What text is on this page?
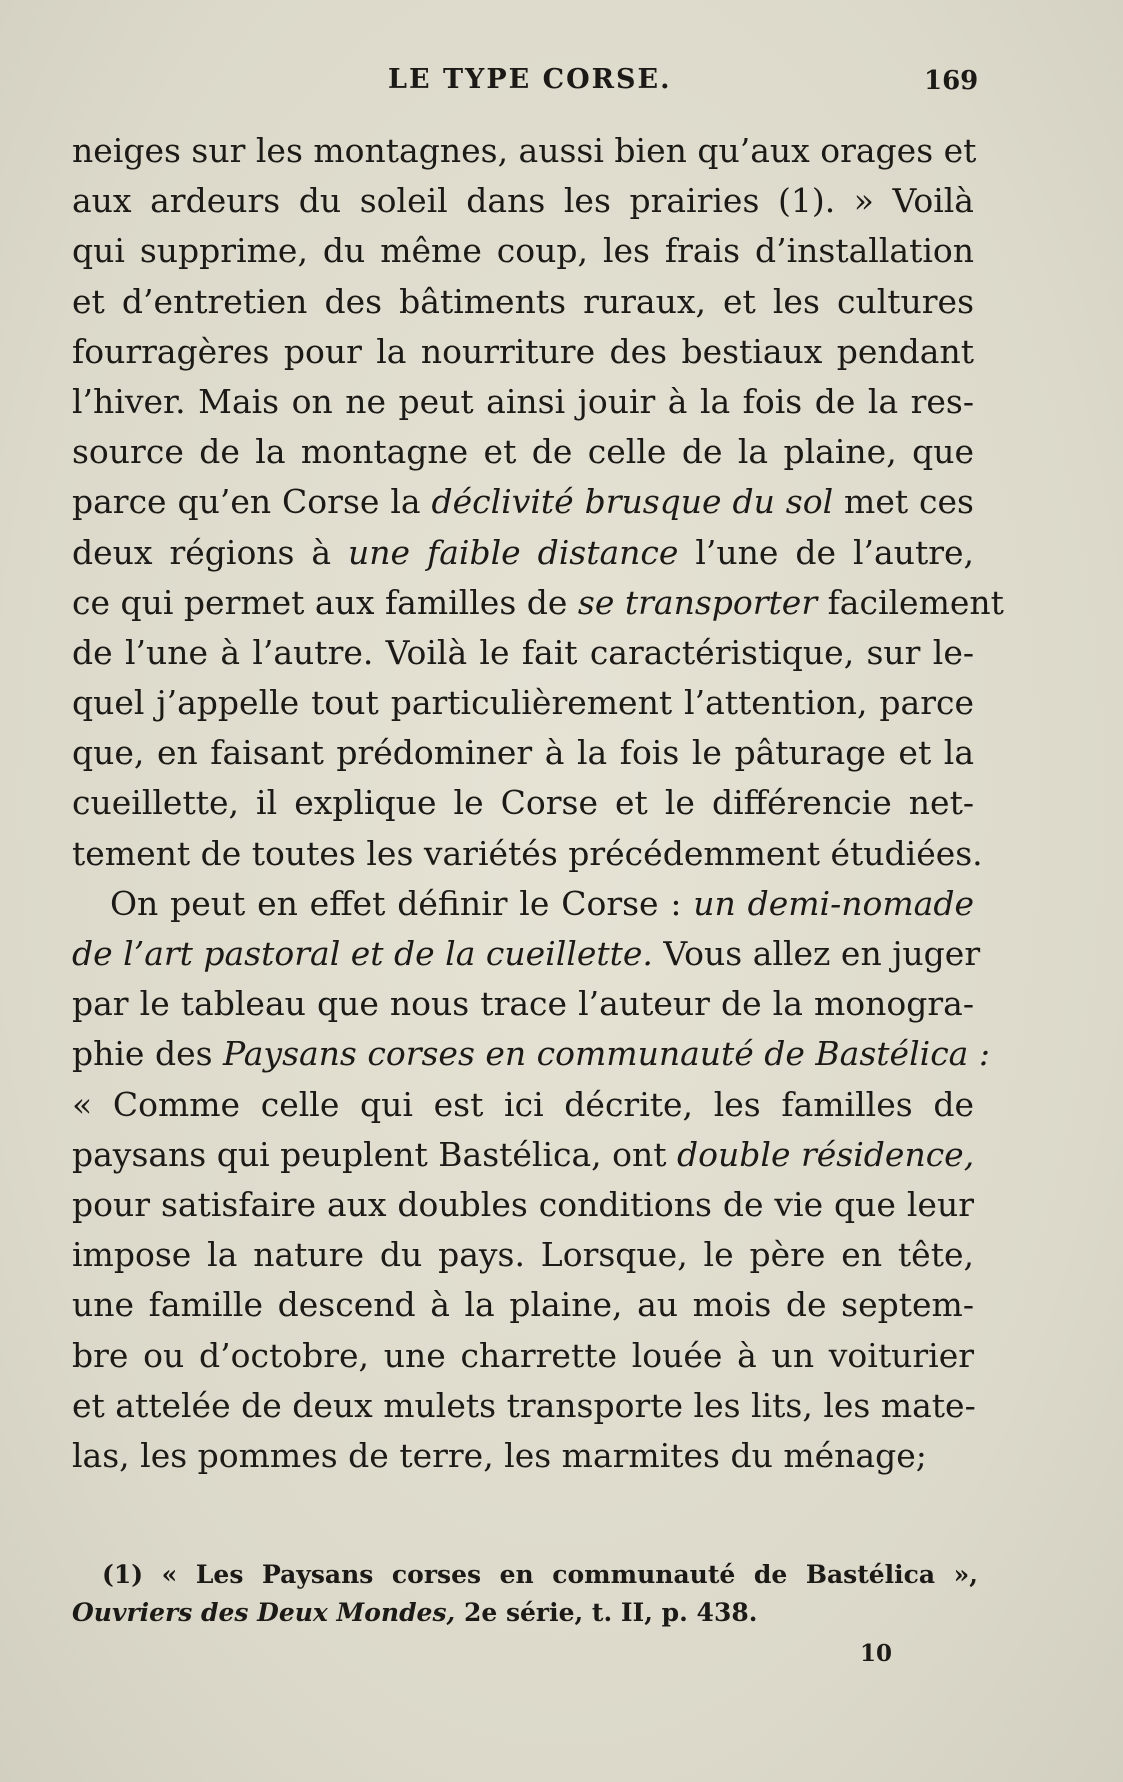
LE TYPE CORSE.	169
neiges sur les montagnes, aussi bien qu’aux orages et
aux ardeurs du soleil dans les prairies (1). » Voilà
qui supprime, du même coup, les frais d’installation
et d’entretien des bâtiments ruraux, et les cultures
fourragères pour la nourriture des bestiaux pendant
l’hiver. Mais on ne peut ainsi jouir à la fois de la res-
source de la montagne et de celle de la plaine, que
parce qu’en Corse la déclivité brusque du sol met ces
deux régions à une faible distance l’une de l’autre,
ce qui permet aux familles de se transporter facilement
de l’une à l’autre. Voilà le fait caractéristique, sur le-
quel j’appelle tout particulièrement l’attention, parce
que, en faisant prédominer à la fois le pâturage et la
cueillette, il explique le Corse et le différencie net-
tement de toutes les variétés précédemment étudiées.
On peut en effet définir le Corse : un demi-nomade
de l’art pastoral et de la cueillette. Vous allez en juger
par le tableau que nous trace l’auteur de la monogra-
phie des Paysans corses en communauté de Bastélica :
« Comme celle qui est ici décrite, les familles de
paysans qui peuplent Bastélica, ont double résidence,
pour satisfaire aux doubles conditions de vie que leur
impose la nature du pays. Lorsque, le père en tête,
une famille descend à la plaine, au mois de septem-
bre ou d’octobre, une charrette louée à un voiturier
et attelée de deux mulets transporte les lits, les mate-
las, les pommes de terre, les marmites du ménage;
(1) « Les Paysans corses en communauté de Bastélica »,
Ouvriers des Deux Mondes, 2e série, t. II, p. 438.
10
